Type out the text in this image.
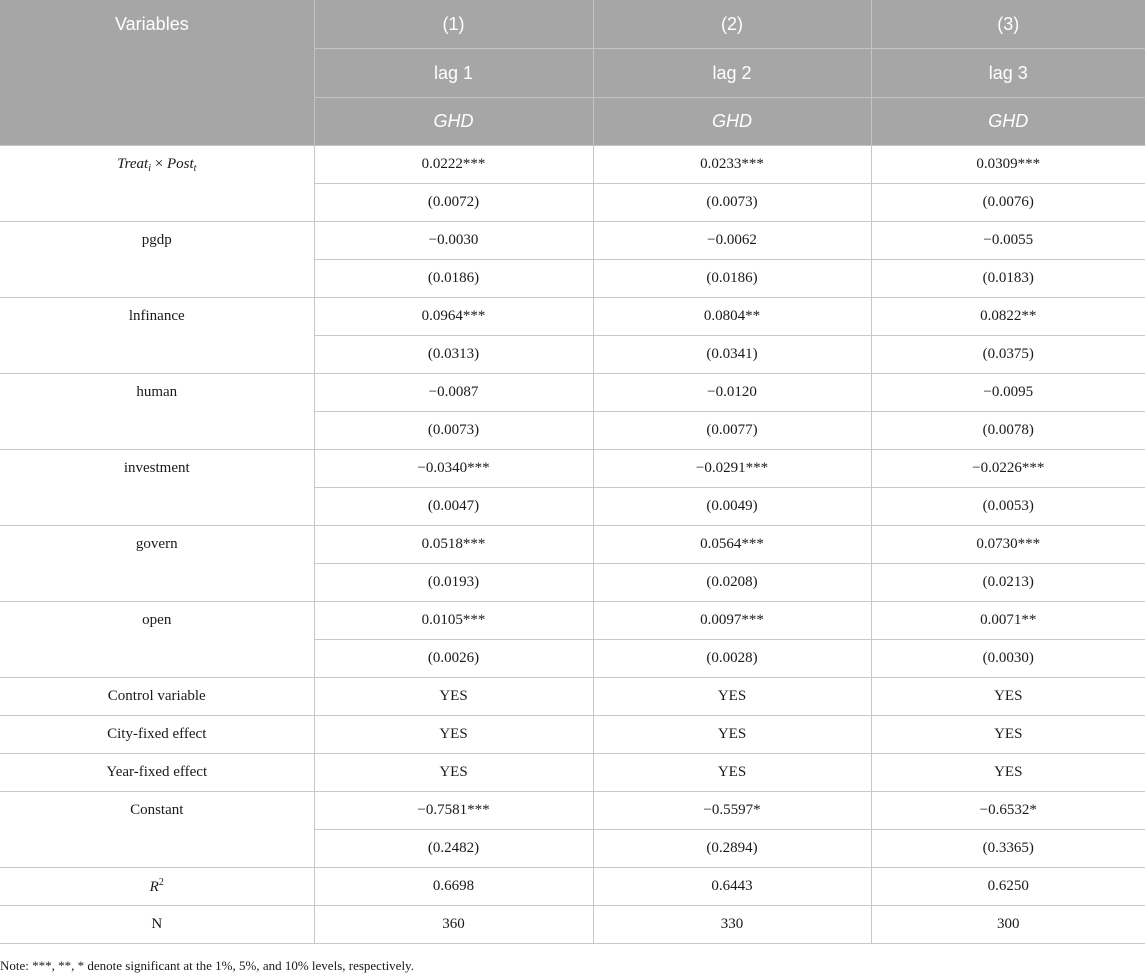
Variables	(1)	(2)	(3)
	lag 1	lag 2	lag 3
	GHD	GHD	GHD
Treat$_i$ × Post$_t$	0.0222***	0.0233***	0.0309***
	(0.0072)	(0.0073)	(0.0076)
pgdp	−0.0030	−0.0062	−0.0055
	(0.0186)	(0.0186)	(0.0183)
lnfinance	0.0964***	0.0804**	0.0822**
	(0.0313)	(0.0341)	(0.0375)
human	−0.0087	−0.0120	−0.0095
	(0.0073)	(0.0077)	(0.0078)
investment	−0.0340***	−0.0291***	−0.0226***
	(0.0047)	(0.0049)	(0.0053)
govern	0.0518***	0.0564***	0.0730***
	(0.0193)	(0.0208)	(0.0213)
open	0.0105***	0.0097***	0.0071**
	(0.0026)	(0.0028)	(0.0030)
Control variable	YES	YES	YES
City-fixed effect	YES	YES	YES
Year-fixed effect	YES	YES	YES
Constant	−0.7581***	−0.5597*	−0.6532*
	(0.2482)	(0.2894)	(0.3365)
$R^2$	0.6698	0.6443	0.6250
N	360	330	300
Note: ***, **, * denote significant at the 1%, 5%, and 10% levels, respectively.
